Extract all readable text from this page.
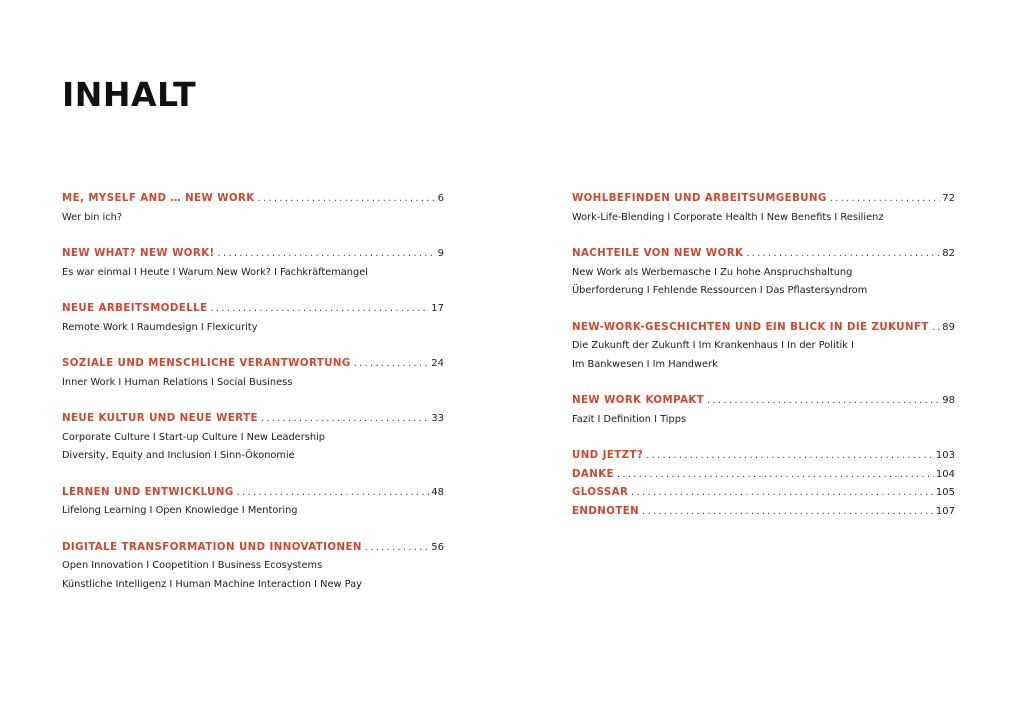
INHALT
ME, MYSELF AND … NEW WORK . . .	6
Wer bin ich?
NEW WHAT? NEW WORK! . . .	9
Es war einmal I Heute I Warum New Work? I Fachkräftemangel
NEUE ARBEITSMODELLE . . .	17
Remote Work I Raumdesign I Flexicurity
SOZIALE UND MENSCHLICHE VERANTWORTUNG . . .	24
Inner Work I Human Relations I Social Business
NEUE KULTUR UND NEUE WERTE . . .	33
Corporate Culture I Start-up Culture I New Leadership
Diversity, Equity and Inclusion I Sinn-Ökonomie
LERNEN UND ENTWICKLUNG . . .	48
Lifelong Learning I Open Knowledge I Mentoring
DIGITALE TRANSFORMATION UND INNOVATIONEN . . .	56
Open Innovation I Coopetition I Business Ecosystems
Künstliche Intelligenz I Human Machine Interaction I New Pay
WOHLBEFINDEN UND ARBEITSUMGEBUNG . . .	72
Work-Life-Blending I Corporate Health I New Benefits I Resilienz
NACHTEILE VON NEW WORK . . .	82
New Work als Werbemasche I Zu hohe Anspruchshaltung
Überforderung I Fehlende Ressourcen I Das Pflastersyndrom
NEW-WORK-GESCHICHTEN UND EIN BLICK IN DIE ZUKUNFT . . . 89
Die Zukunft der Zukunft I Im Krankenhaus I In der Politik I
Im Bankwesen I Im Handwerk
NEW WORK KOMPAKT . . .	98
Fazit I Definition I Tipps
UND JETZT? . . .	103
DANKE . . .	104
GLOSSAR . . .	105
ENDNOTEN . . .	107
